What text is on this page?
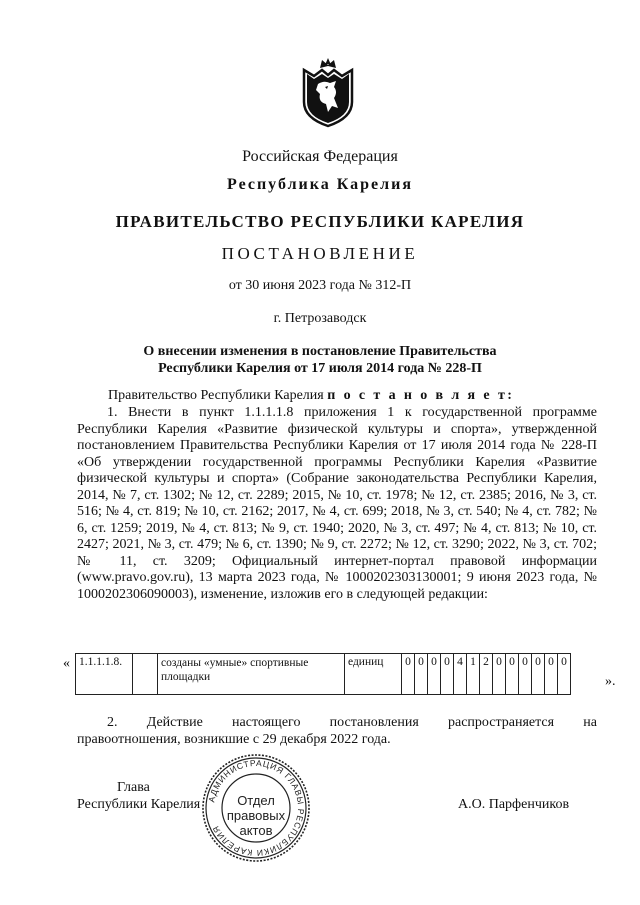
Российская Федерация
Республика Карелия
ПРАВИТЕЛЬСТВО РЕСПУБЛИКИ КАРЕЛИЯ
ПОСТАНОВЛЕНИЕ
от 30 июня 2023 года № 312-П
г. Петрозаводск
О внесении изменения в постановление Правительства
Республики Карелия от 17 июля 2014 года № 228-П
Правительство Республики Карелия п о с т а н о в л я е т:

1. Внести в пункт 1.1.1.1.8 приложения 1 к государственной программе Республики Карелия «Развитие физической культуры и спорта», утвержденной постановлением Правительства Республики Карелия от 17 июля 2014 года № 228-П «Об утверждении государственной программы Республики Карелия «Развитие физической культуры и спорта» (Собрание законодательства Республики Карелия, 2014, № 7, ст. 1302; № 12, ст. 2289; 2015, № 10, ст. 1978; № 12, ст. 2385; 2016, № 3, ст. 516; № 4, ст. 819; № 10, ст. 2162; 2017, № 4, ст. 699; 2018, № 3, ст. 540; № 4, ст. 782; № 6, ст. 1259; 2019, № 4, ст. 813; № 9, ст. 1940; 2020, № 3, ст. 497; № 4, ст. 813; № 10, ст. 2427; 2021, № 3, ст. 479; № 6, ст. 1390; № 9, ст. 2272; № 12, ст. 3290; 2022, № 3, ст. 702; № 11, ст. 3209; Официальный интернет-портал правовой информации (www.pravo.gov.ru), 13 марта 2023 года, № 1000202303130001; 9 июня 2023 года, № 1000202306090003), изменение, изложив его в следующей редакции:

« 1.1.1.1.8.		созданы «умные» спортивные площадки	единиц	0	0	0	0	4	1	2	0	0	0	0	0	0
».

2. Действие настоящего постановления распространяется на

правоотношения, возникшие с 29 декабря 2022 года.

Глава
Республики Карелия	А.О. Парфенчиков
АДМИНИСТРАЦИЯ ГЛАВЫ РЕСПУБЛИКИ КАРЕЛИЯ
Отдел
правовых
актов
